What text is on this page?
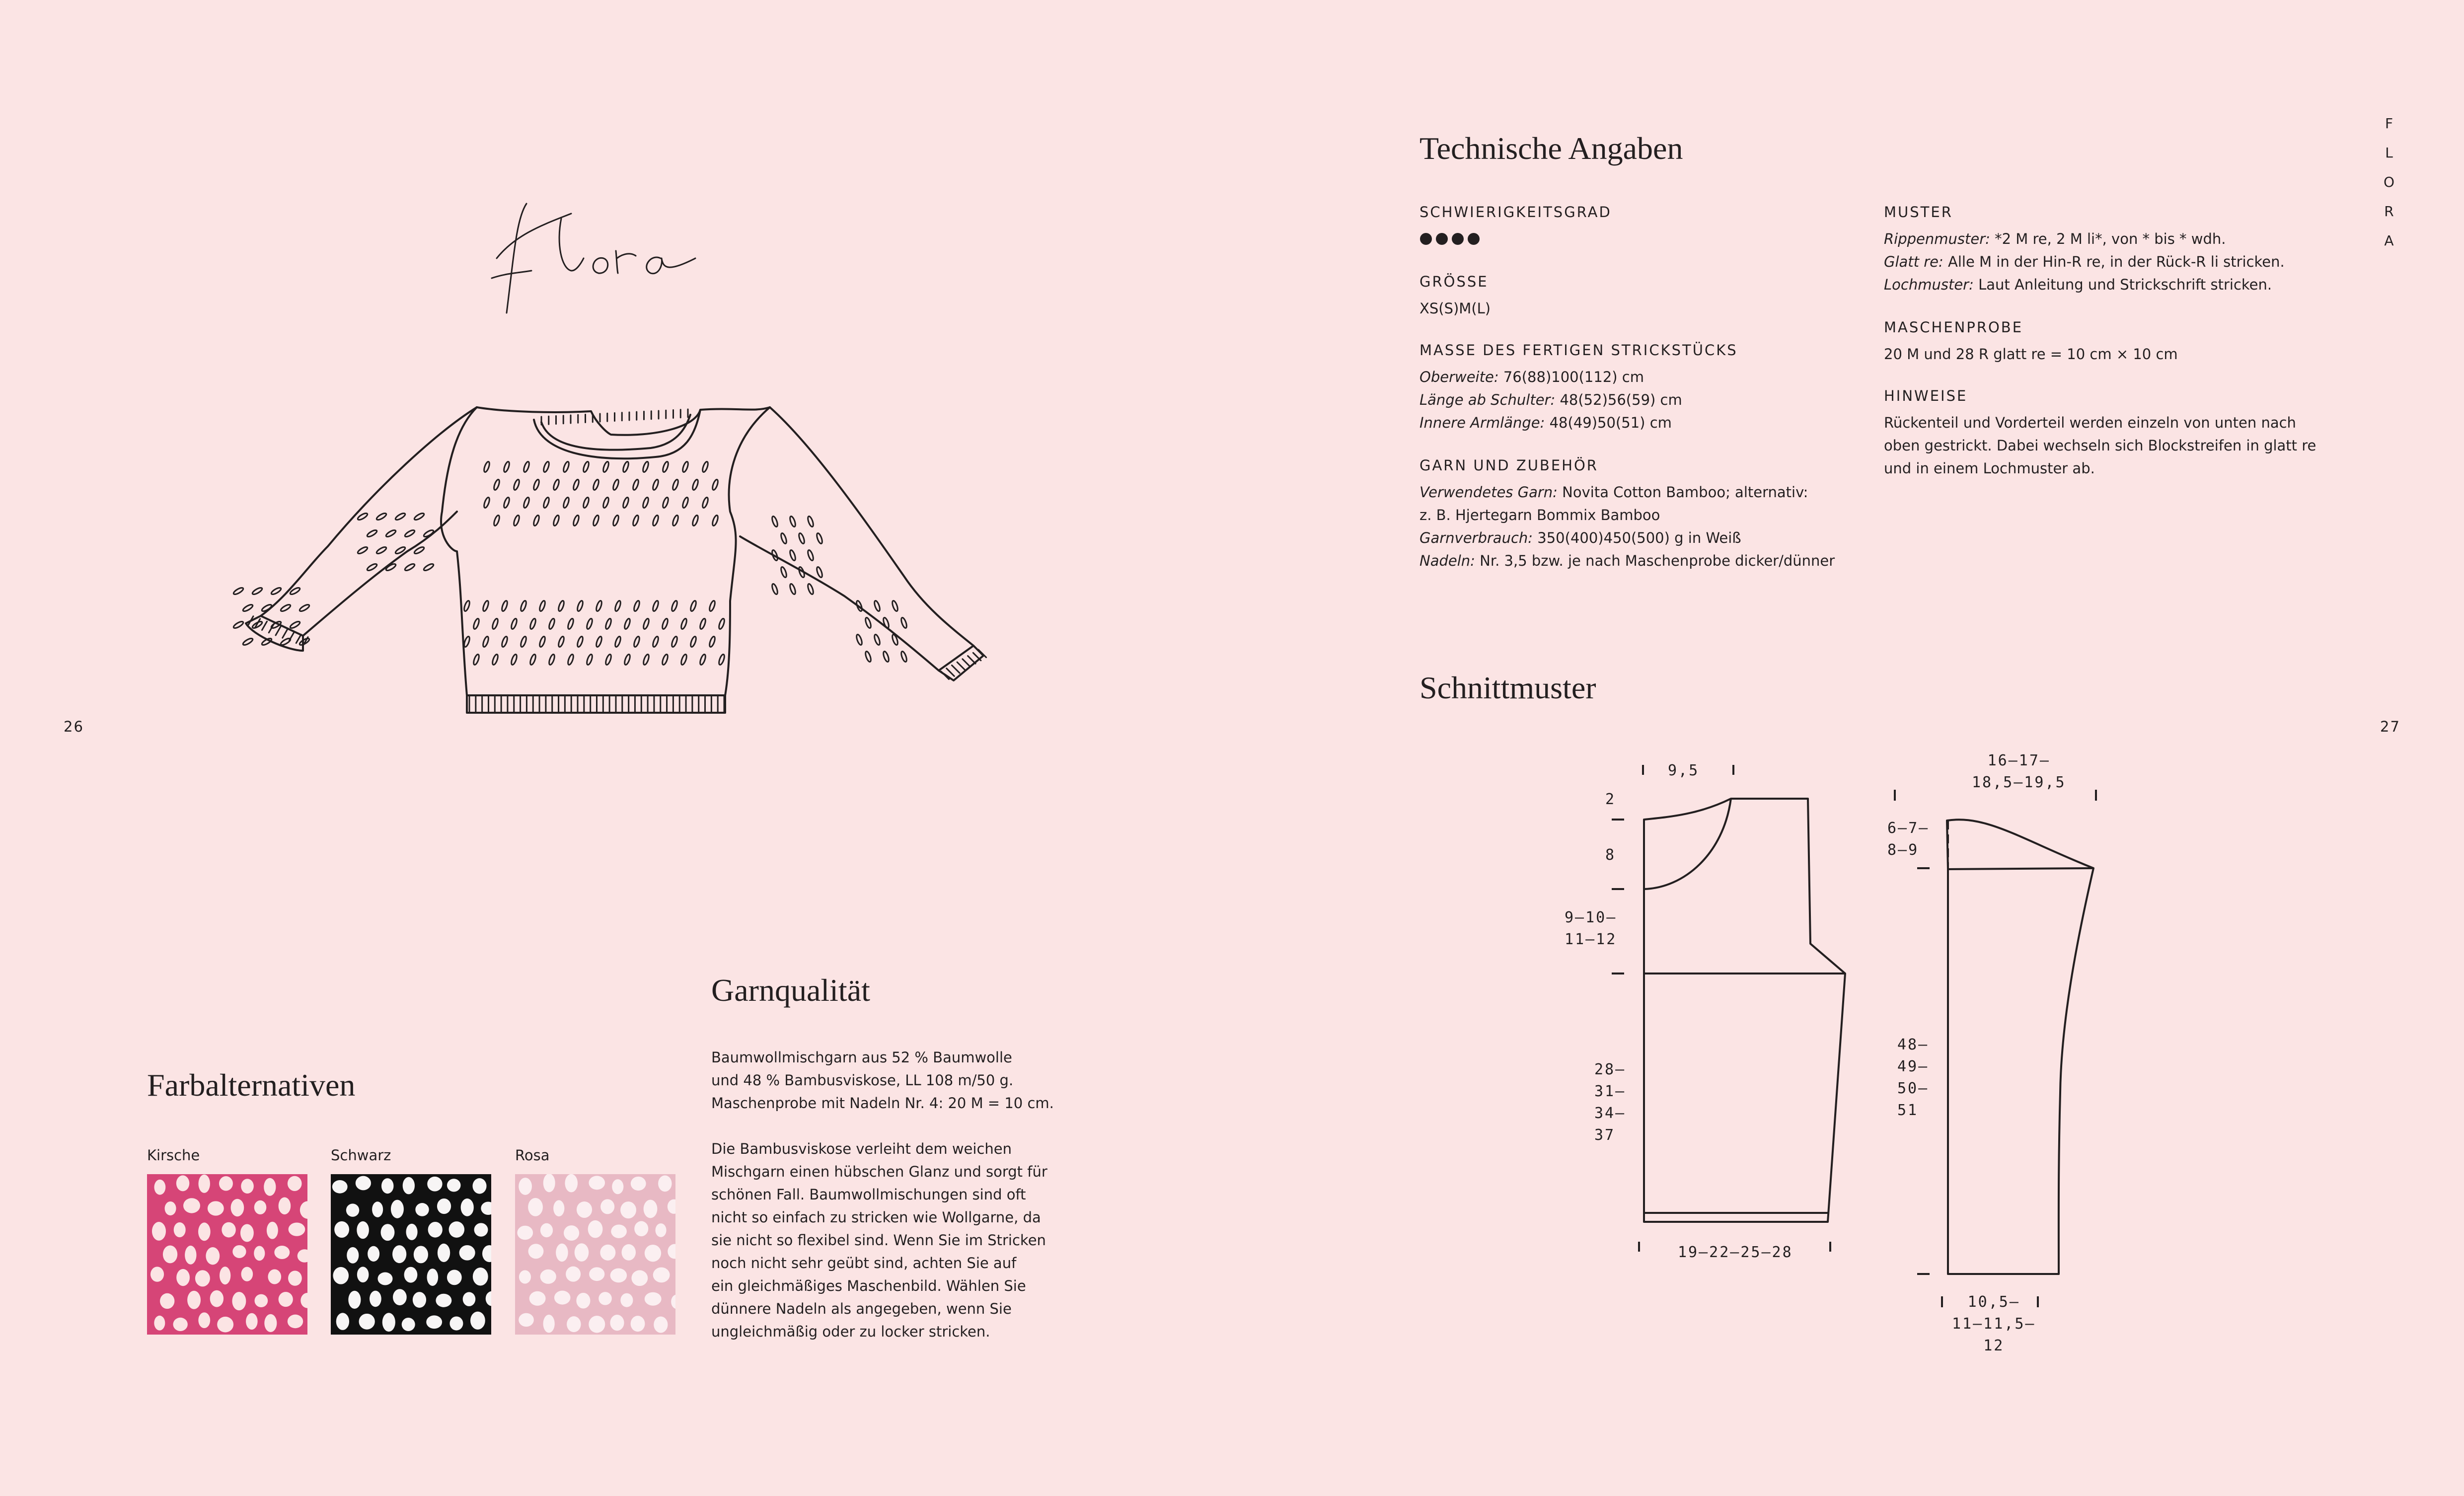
26
Farbalternativen
Kirsche	Schwarz	Rosa
Garnqualität
Baumwollmischgarn aus 52 % Baumwolle
und 48 % Bambusviskose, LL 108 m/50 g.
Maschenprobe mit Nadeln Nr. 4: 20 M = 10 cm.
Die Bambusviskose verleiht dem weichen
Mischgarn einen hübschen Glanz und sorgt für
schönen Fall. Baumwollmischungen sind oft
nicht so einfach zu stricken wie Wollgarne, da
sie nicht so flexibel sind. Wenn Sie im Stricken
noch nicht sehr geübt sind, achten Sie auf
ein gleichmäßiges Maschenbild. Wählen Sie
dünnere Nadeln als angegeben, wenn Sie
ungleichmäßig oder zu locker stricken.
F
L
O
R
A
27
Technische Angaben
SCHWIERIGKEITSGRAD
GRÖSSE
XS(S)M(L)
MASSE DES FERTIGEN STRICKSTÜCKS
Oberweite: 76(88)100(112) cm
Länge ab Schulter: 48(52)56(59) cm
Innere Armlänge: 48(49)50(51) cm
GARN UND ZUBEHÖR
Verwendetes Garn: Novita Cotton Bamboo; alternativ:
z. B. Hjertegarn Bommix Bamboo
Garnverbrauch: 350(400)450(500) g in Weiß
Nadeln: Nr. 3,5 bzw. je nach Maschenprobe dicker/dünner
MUSTER
Rippenmuster: *2 M re, 2 M li*, von * bis * wdh.
Glatt re: Alle M in der Hin-R re, in der Rück-R li stricken.
Lochmuster: Laut Anleitung und Strickschrift stricken.
MASCHENPROBE
20 M und 28 R glatt re = 10 cm × 10 cm
HINWEISE
Rückenteil und Vorderteil werden einzeln von unten nach
oben gestrickt. Dabei wechseln sich Blockstreifen in glatt re
und in einem Lochmuster ab.
Schnittmuster
9,5
2
8
9–10–
11–12
28–
31–
34–
37
19–22–25–28
16–17–
18,5–19,5
6–7–
8–9
48–
49–
50–
51
10,5–
11–11,5–
12
